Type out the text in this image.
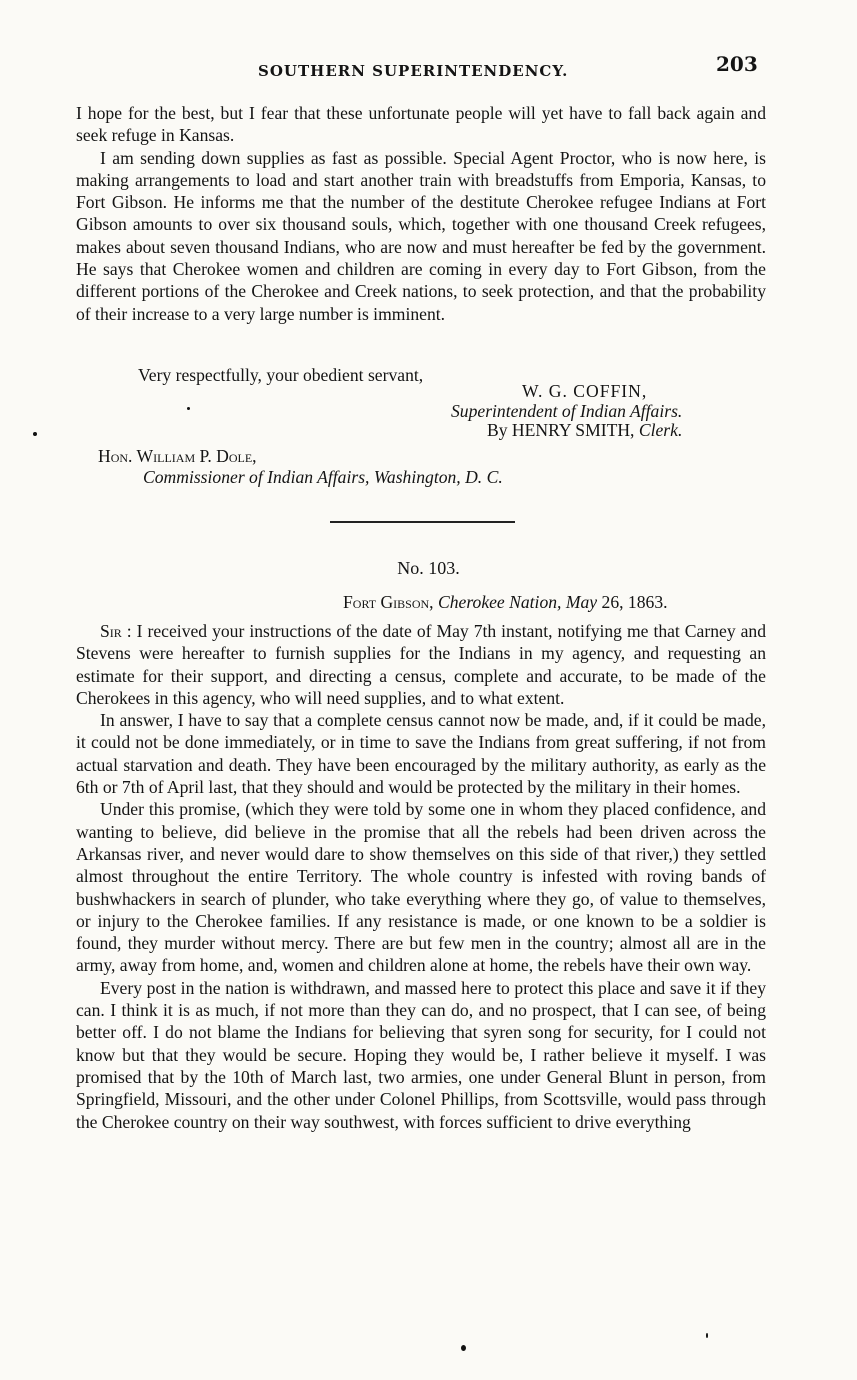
SOUTHERN SUPERINTENDENCY.	203

I hope for the best, but I fear that these unfortunate people will yet have to fall back again and seek refuge in Kansas.

I am sending down supplies as fast as possible. Special Agent Proctor, who is now here, is making arrangements to load and start another train with breadstuffs from Emporia, Kansas, to Fort Gibson. He informs me that the number of the destitute Cherokee refugee Indians at Fort Gibson amounts to over six thousand souls, which, together with one thousand Creek refugees, makes about seven thousand Indians, who are now and must hereafter be fed by the government. He says that Cherokee women and children are coming in every day to Fort Gibson, from the different portions of the Cherokee and Creek nations, to seek protection, and that the probability of their increase to a very large number is imminent.

Very respectfully, your obedient servant,
W. G. COFFIN,
Superintendent of Indian Affairs.
By HENRY SMITH, Clerk.
Hon. William P. Dole,
Commissioner of Indian Affairs, Washington, D. C.
No. 103.
Fort Gibson, Cherokee Nation, May 26, 1863.

Sir : I received your instructions of the date of May 7th instant, notifying me that Carney and Stevens were hereafter to furnish supplies for the Indians in my agency, and requesting an estimate for their support, and directing a census, complete and accurate, to be made of the Cherokees in this agency, who will need supplies, and to what extent.

In answer, I have to say that a complete census cannot now be made, and, if it could be made, it could not be done immediately, or in time to save the Indians from great suffering, if not from actual starvation and death. They have been encouraged by the military authority, as early as the 6th or 7th of April last, that they should and would be protected by the military in their homes.

Under this promise, (which they were told by some one in whom they placed confidence, and wanting to believe, did believe in the promise that all the rebels had been driven across the Arkansas river, and never would dare to show themselves on this side of that river,) they settled almost throughout the entire Territory. The whole country is infested with roving bands of bushwhackers in search of plunder, who take everything where they go, of value to themselves, or injury to the Cherokee families. If any resistance is made, or one known to be a soldier is found, they murder without mercy. There are but few men in the country; almost all are in the army, away from home, and, women and children alone at home, the rebels have their own way.

Every post in the nation is withdrawn, and massed here to protect this place and save it if they can. I think it is as much, if not more than they can do, and no prospect, that I can see, of being better off. I do not blame the Indians for believing that syren song for security, for I could not know but that they would be secure. Hoping they would be, I rather believe it myself. I was promised that by the 10th of March last, two armies, one under General Blunt in person, from Springfield, Missouri, and the other under Colonel Phillips, from Scottsville, would pass through the Cherokee country on their way southwest, with forces sufficient to drive everything
